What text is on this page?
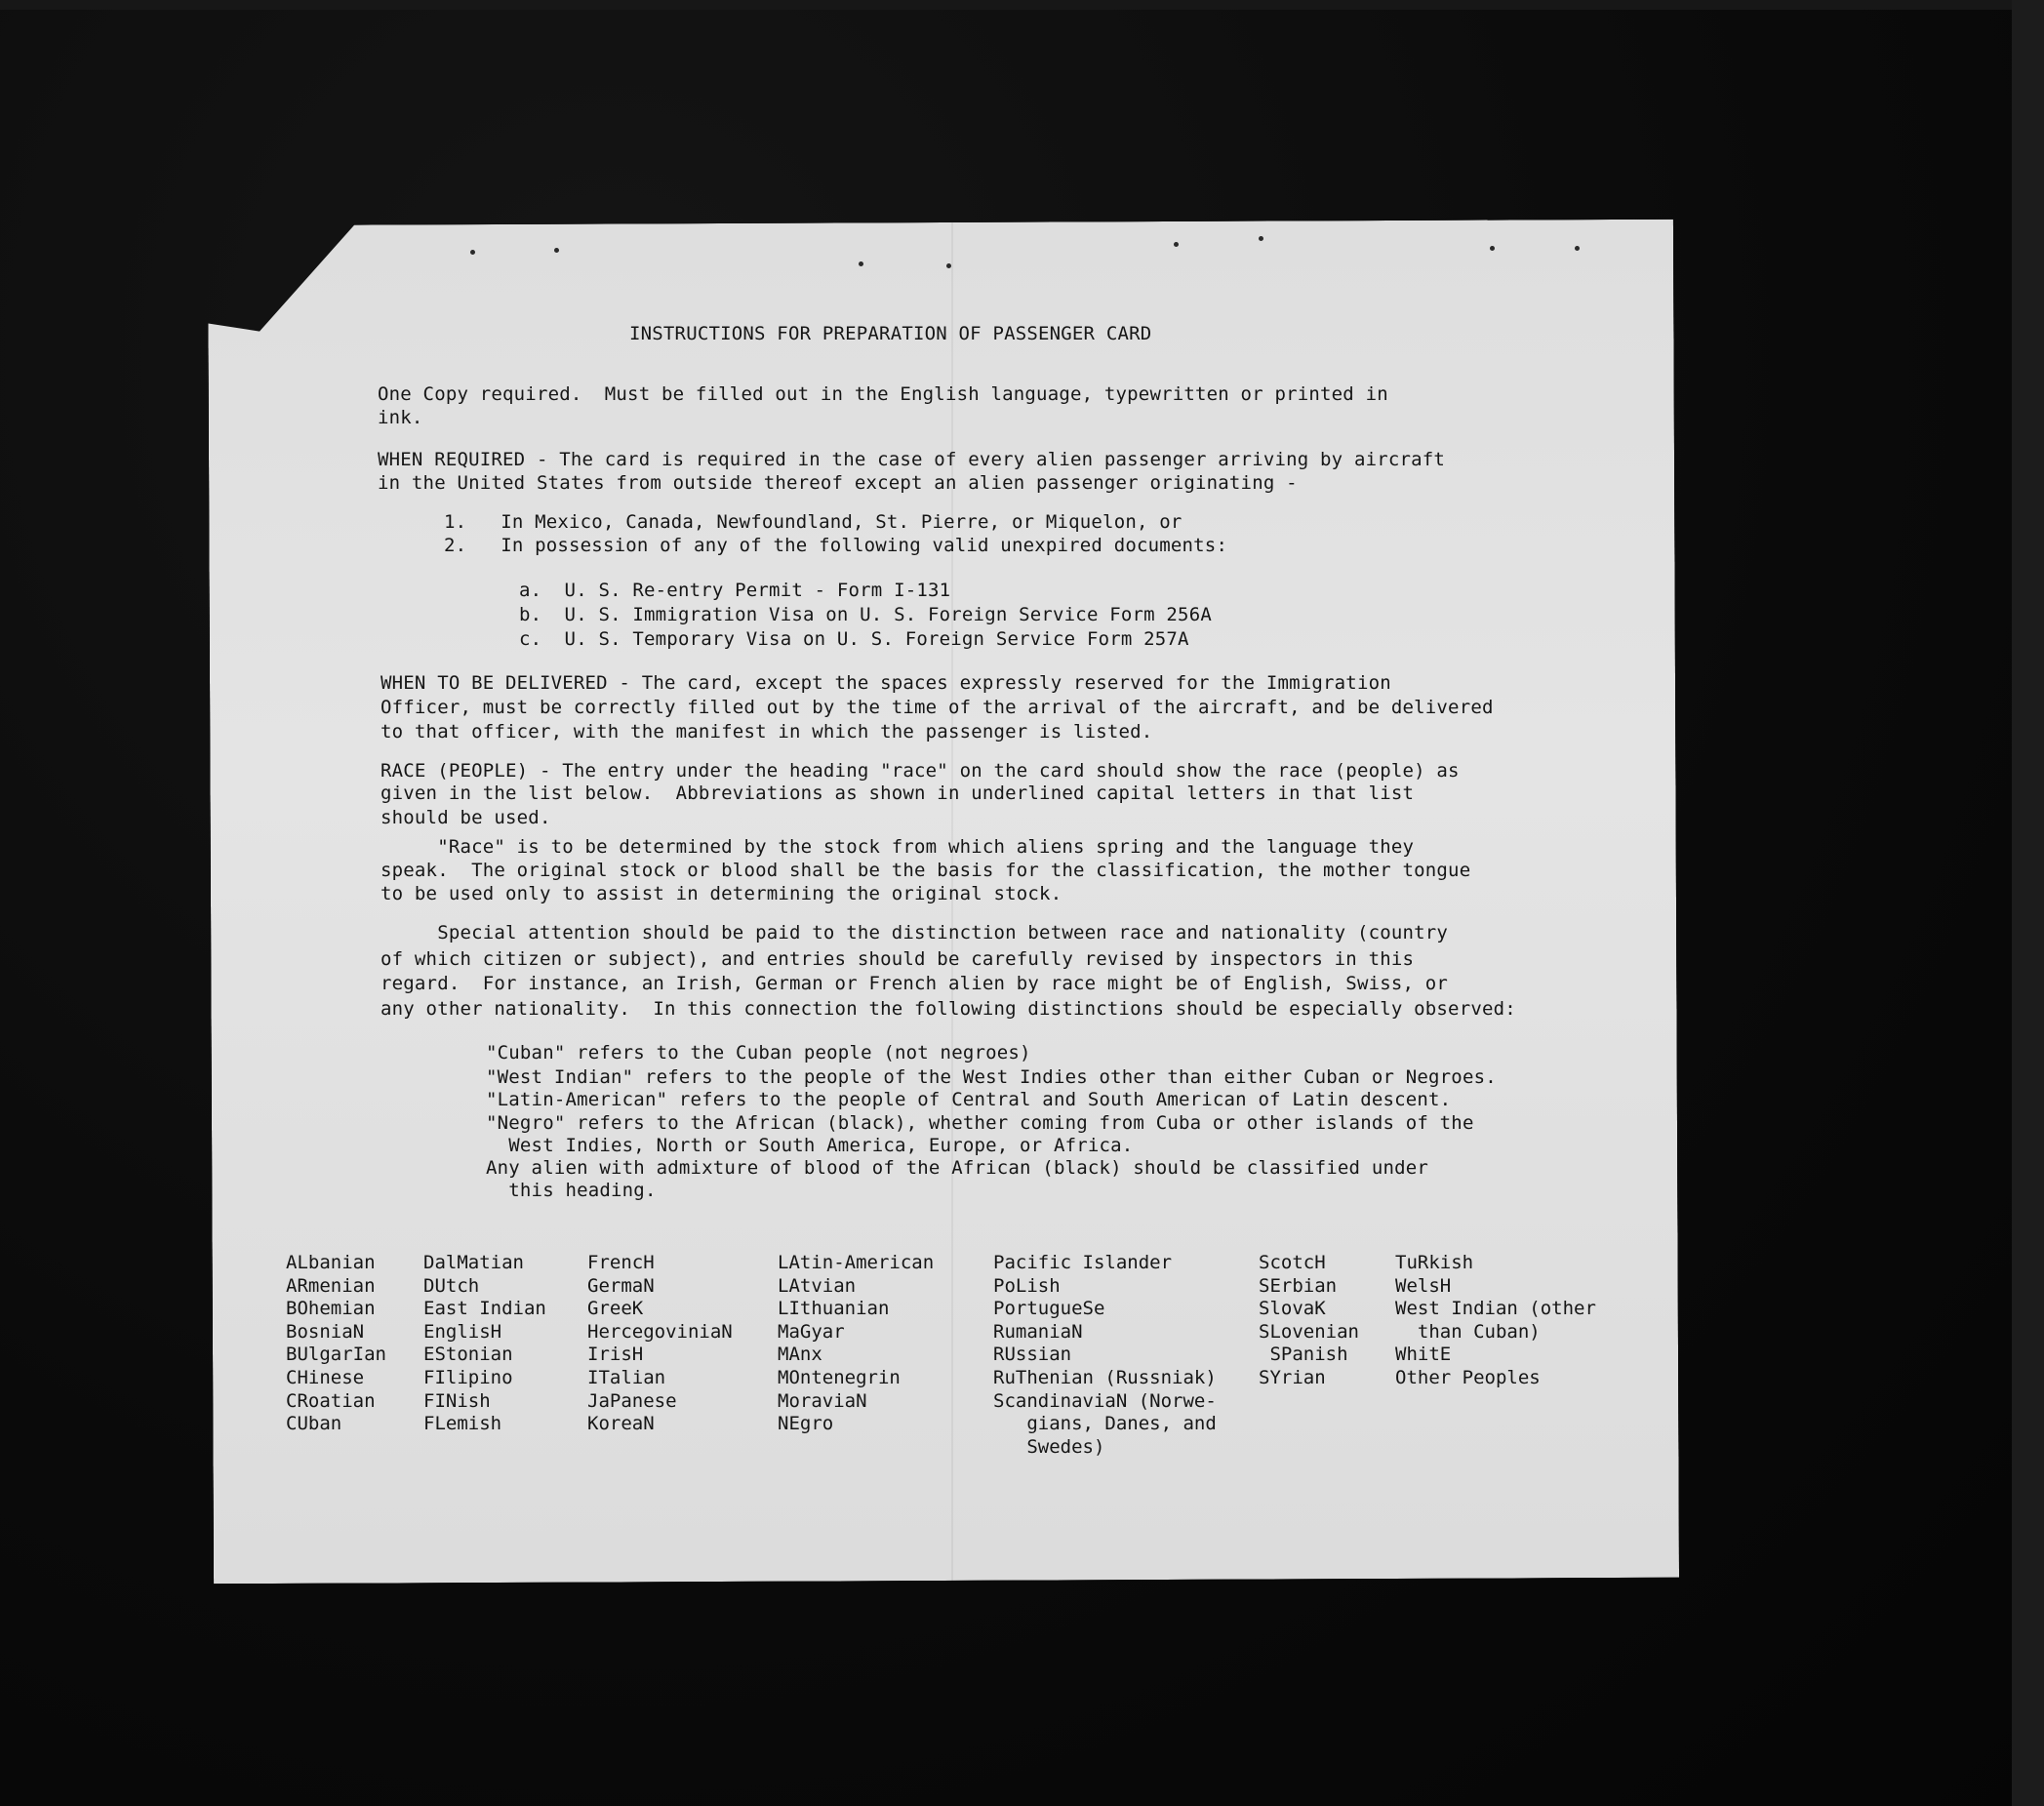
INSTRUCTIONS FOR PREPARATION OF PASSENGER CARD
One Copy required.  Must be filled out in the English language, typewritten or printed in
ink.
WHEN REQUIRED - The card is required in the case of every alien passenger arriving by aircraft
in the United States from outside thereof except an alien passenger originating -
1.   In Mexico, Canada, Newfoundland, St. Pierre, or Miquelon, or
2.   In possession of any of the following valid unexpired documents:
a.  U. S. Re-entry Permit - Form I-131
b.  U. S. Immigration Visa on U. S. Foreign Service Form 256A
c.  U. S. Temporary Visa on U. S. Foreign Service Form 257A
WHEN TO BE DELIVERED - The card, except the spaces expressly reserved for the Immigration
Officer, must be correctly filled out by the time of the arrival of the aircraft, and be delivered
to that officer, with the manifest in which the passenger is listed.
RACE (PEOPLE) - The entry under the heading "race" on the card should show the race (people) as
given in the list below.  Abbreviations as shown in underlined capital letters in that list
should be used.
"Race" is to be determined by the stock from which aliens spring and the language they
speak.  The original stock or blood shall be the basis for the classification, the mother tongue
to be used only to assist in determining the original stock.
Special attention should be paid to the distinction between race and nationality (country
of which citizen or subject), and entries should be carefully revised by inspectors in this
regard.  For instance, an Irish, German or French alien by race might be of English, Swiss, or
any other nationality.  In this connection the following distinctions should be especially observed:
"Cuban" refers to the Cuban people (not negroes)
"West Indian" refers to the people of the West Indies other than either Cuban or Negroes.
"Latin-American" refers to the people of Central and South American of Latin descent.
"Negro" refers to the African (black), whether coming from Cuba or other islands of the
West Indies, North or South America, Europe, or Africa.
Any alien with admixture of blood of the African (black) should be classified under
this heading.
ALbanian
ARmenian
BOhemian
BosniaN
BUlgarIan
CHinese
CRoatian
CUban
DalMatian
DUtch
East Indian
EnglisH
EStonian
FIlipino
FINish
FLemish
FrencH
GermaN
GreeK
HercegoviniaN
IrisH
ITalian
JaPanese
KoreaN
LAtin-American
LAtvian
LIthuanian
MaGyar
MAnx
MOntenegrin
MoraviaN
NEgro
Pacific Islander
PoLish
PortugueSe
RumaniaN
RUssian
RuThenian (Russniak)
ScandinaviaN (Norwe-
gians, Danes, and
Swedes)
ScotcH
SErbian
SlovaK
SLovenian
SPanish
SYrian
TuRkish
WelsH
West Indian (other
than Cuban)
WhitE
Other Peoples
